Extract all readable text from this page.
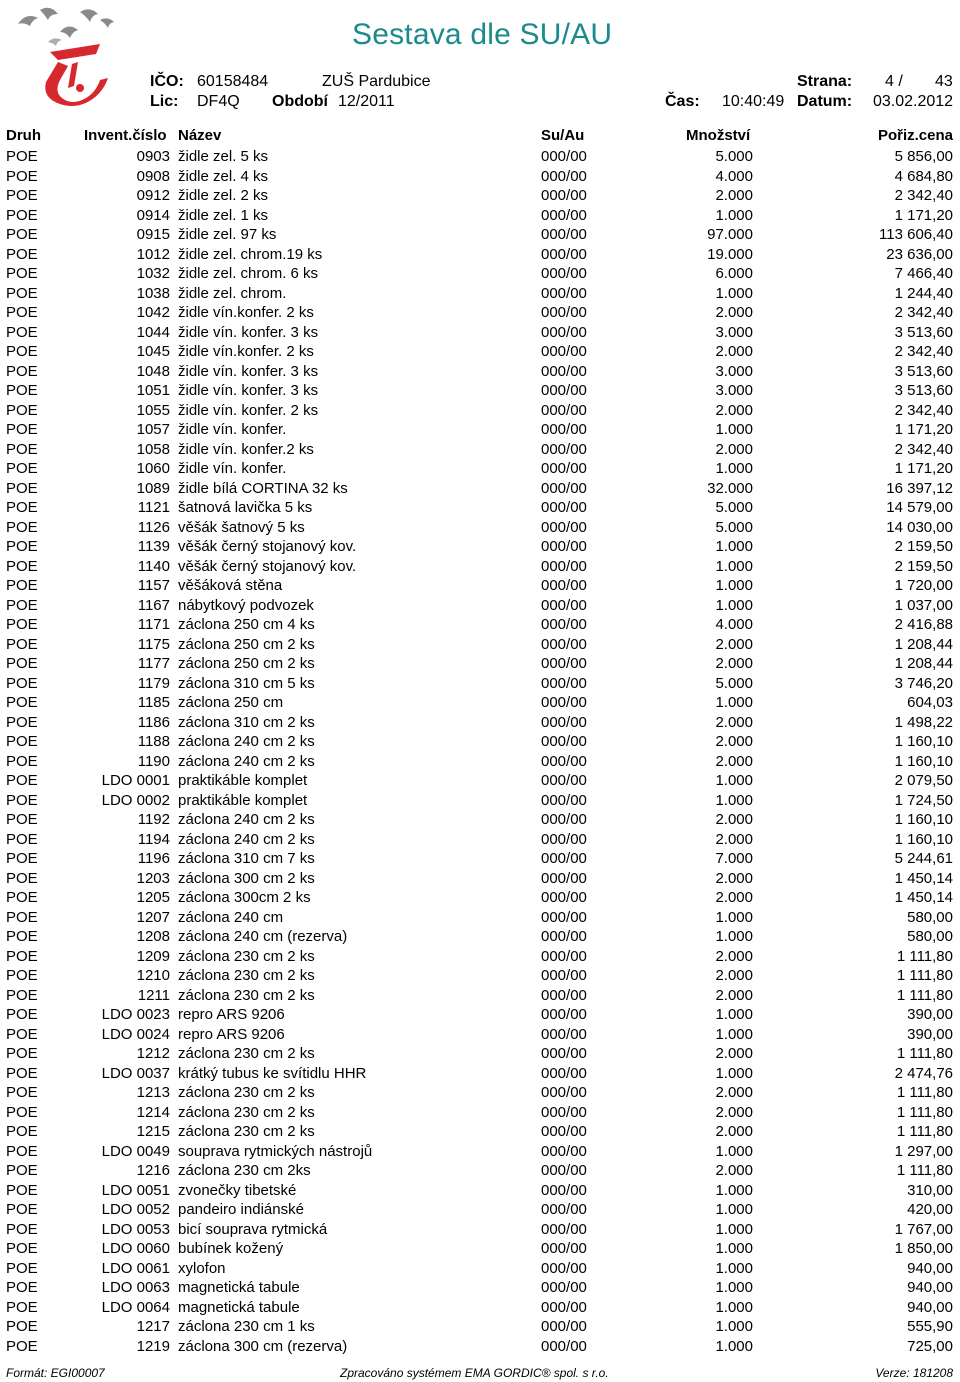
Sestava dle SU/AU
IČO: 60158484	ZUŠ Pardubice	Strana: 4 / 43
Lic: DF4Q Období 12/2011	Čas: 10:40:49 Datum: 03.02.2012
Druh	Invent.číslo Název	Su/Au	Množství	Pořiz.cena
POE	0903 židle zel. 5 ks	000/00	5.000	5 856,00
POE	0908 židle zel. 4 ks	000/00	4.000	4 684,80
POE	0912 židle zel. 2 ks	000/00	2.000	2 342,40
POE	0914 židle zel. 1 ks	000/00	1.000	1 171,20
POE	0915 židle zel. 97 ks	000/00	97.000	113 606,40
POE	1012 židle zel. chrom.19 ks	000/00	19.000	23 636,00
POE	1032 židle zel. chrom. 6 ks	000/00	6.000	7 466,40
POE	1038 židle zel. chrom.	000/00	1.000	1 244,40
POE	1042 židle vín.konfer. 2 ks	000/00	2.000	2 342,40
POE	1044 židle vín. konfer. 3 ks	000/00	3.000	3 513,60
POE	1045 židle vín.konfer. 2 ks	000/00	2.000	2 342,40
POE	1048 židle vín. konfer. 3 ks	000/00	3.000	3 513,60
POE	1051 židle vín. konfer. 3 ks	000/00	3.000	3 513,60
POE	1055 židle vín. konfer. 2 ks	000/00	2.000	2 342,40
POE	1057 židle vín. konfer.	000/00	1.000	1 171,20
POE	1058 židle vín. konfer.2 ks	000/00	2.000	2 342,40
POE	1060 židle vín. konfer.	000/00	1.000	1 171,20
POE	1089 židle bílá CORTINA 32 ks	000/00	32.000	16 397,12
POE	1121 šatnová lavička 5 ks	000/00	5.000	14 579,00
POE	1126 věšák šatnový 5 ks	000/00	5.000	14 030,00
POE	1139 věšák černý stojanový kov.	000/00	1.000	2 159,50
POE	1140 věšák černý stojanový kov.	000/00	1.000	2 159,50
POE	1157 věšáková stěna	000/00	1.000	1 720,00
POE	1167 nábytkový podvozek	000/00	1.000	1 037,00
POE	1171 záclona 250 cm 4 ks	000/00	4.000	2 416,88
POE	1175 záclona 250 cm 2 ks	000/00	2.000	1 208,44
POE	1177 záclona 250 cm 2 ks	000/00	2.000	1 208,44
POE	1179 záclona 310 cm 5 ks	000/00	5.000	3 746,20
POE	1185 záclona 250 cm	000/00	1.000	604,03
POE	1186 záclona 310 cm 2 ks	000/00	2.000	1 498,22
POE	1188 záclona 240 cm 2 ks	000/00	2.000	1 160,10
POE	1190 záclona 240 cm 2 ks	000/00	2.000	1 160,10
POE	LDO 0001 praktikáble komplet	000/00	1.000	2 079,50
POE	LDO 0002 praktikáble komplet	000/00	1.000	1 724,50
POE	1192 záclona 240 cm 2 ks	000/00	2.000	1 160,10
POE	1194 záclona 240 cm 2 ks	000/00	2.000	1 160,10
POE	1196 záclona 310 cm 7 ks	000/00	7.000	5 244,61
POE	1203 záclona 300 cm 2 ks	000/00	2.000	1 450,14
POE	1205 záclona 300cm 2 ks	000/00	2.000	1 450,14
POE	1207 záclona 240 cm	000/00	1.000	580,00
POE	1208 záclona 240 cm (rezerva)	000/00	1.000	580,00
POE	1209 záclona 230 cm 2 ks	000/00	2.000	1 111,80
POE	1210 záclona 230 cm 2 ks	000/00	2.000	1 111,80
POE	1211 záclona 230 cm 2 ks	000/00	2.000	1 111,80
POE	LDO 0023 repro ARS 9206	000/00	1.000	390,00
POE	LDO 0024 repro ARS 9206	000/00	1.000	390,00
POE	1212 záclona 230 cm 2 ks	000/00	2.000	1 111,80
POE	LDO 0037 krátký tubus ke svítidlu HHR	000/00	1.000	2 474,76
POE	1213 záclona 230 cm 2 ks	000/00	2.000	1 111,80
POE	1214 záclona 230 cm 2 ks	000/00	2.000	1 111,80
POE	1215 záclona 230 cm 2 ks	000/00	2.000	1 111,80
POE	LDO 0049 souprava rytmických nástrojů	000/00	1.000	1 297,00
POE	1216 záclona 230 cm 2ks	000/00	2.000	1 111,80
POE	LDO 0051 zvonečky tibetské	000/00	1.000	310,00
POE	LDO 0052 pandeiro indiánské	000/00	1.000	420,00
POE	LDO 0053 bicí souprava rytmická	000/00	1.000	1 767,00
POE	LDO 0060 bubínek kožený	000/00	1.000	1 850,00
POE	LDO 0061 xylofon	000/00	1.000	940,00
POE	LDO 0063 magnetická tabule	000/00	1.000	940,00
POE	LDO 0064 magnetická tabule	000/00	1.000	940,00
POE	1217 záclona 230 cm 1 ks	000/00	1.000	555,90
POE	1219 záclona 300 cm (rezerva)	000/00	1.000	725,00
Formát: EGI00007	Zpracováno systémem EMA GORDIC® spol. s r.o.	Verze: 181208
